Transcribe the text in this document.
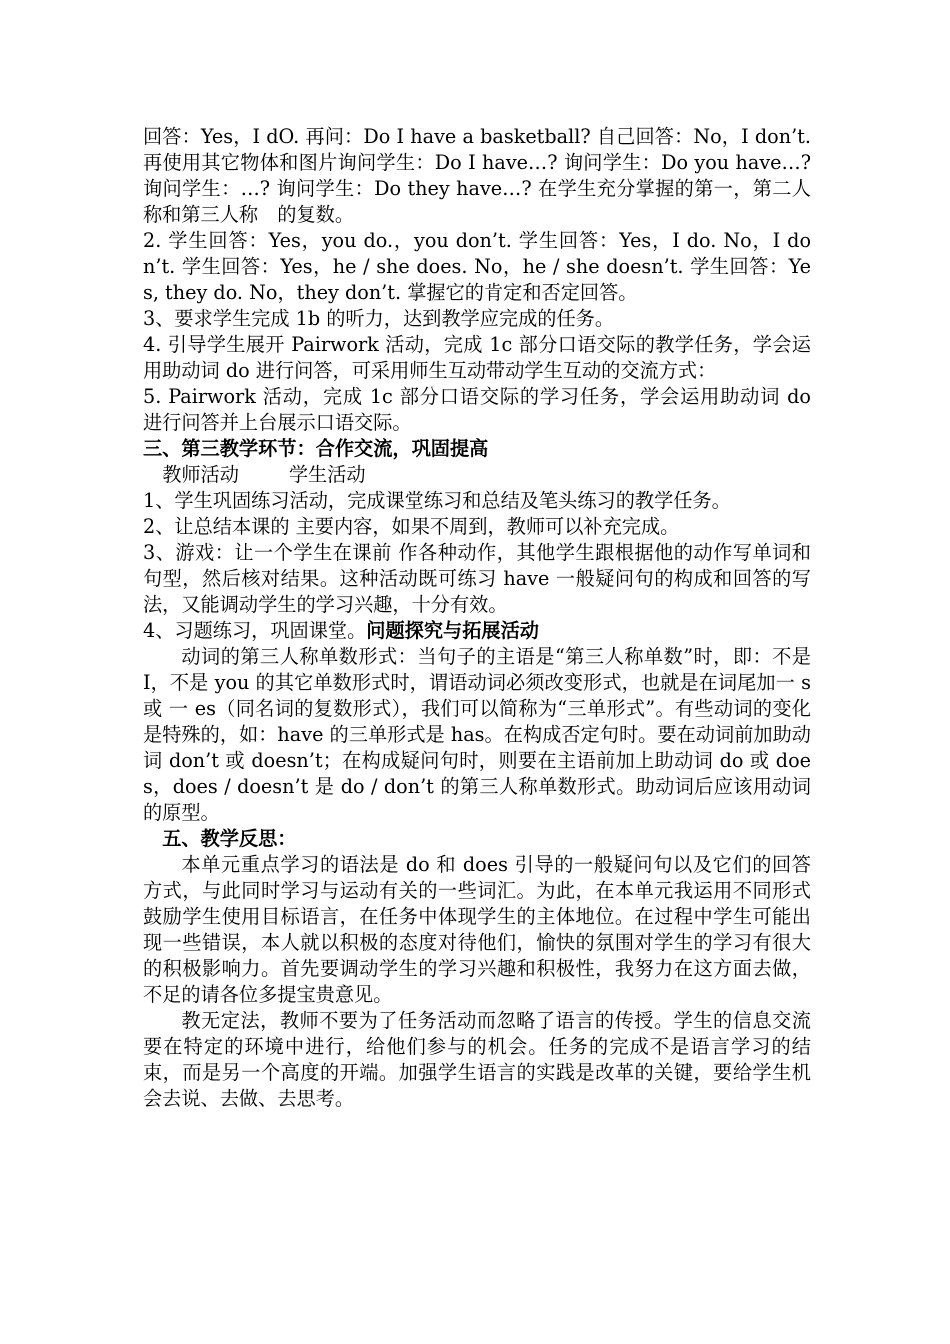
回答：Yes，I dO. 再问：Do I have a basketball? 自己回答：No，I don’t. 再使用其它物体和图片询问学生：Do I have…? 询问学生：Do you have…? 询问学生：…? 询问学生：Do they have…? 在学生充分掌握的第一，第二人称和第三人称　的复数。

2. 学生回答：Yes，you do.，you don’t. 学生回答：Yes，I do. No，I don’t. 学生回答：Yes，he / she does. No，he / she doesn’t. 学生回答：Yes, they do. No，they don’t. 掌握它的肯定和否定回答。

3、要求学生完成 1b 的听力，达到教学应完成的任务。

4. 引导学生展开 Pairwork 活动，完成 1c 部分口语交际的教学任务，学会运用助动词 do 进行问答，可采用师生互动带动学生互动的交流方式：

5. Pairwork 活动，完成 1c 部分口语交际的学习任务，学会运用助动词 do 进行问答并上台展示口语交际。

三、第三教学环节：合作交流，巩固提高

教师活动	学生活动

1、学生巩固练习活动，完成课堂练习和总结及笔头练习的教学任务。

2、让总结本课的 主要内容，如果不周到，教师可以补充完成。

3、游戏：让一个学生在课前 作各种动作，其他学生跟根据他的动作写单词和句型，然后核对结果。这种活动既可练习 have 一般疑问句的构成和回答的写法，又能调动学生的学习兴趣，十分有效。

4、习题练习，巩固课堂。问题探究与拓展活动

动词的第三人称单数形式：当句子的主语是“第三人称单数”时，即：不是 I，不是 you 的其它单数形式时，谓语动词必须改变形式，也就是在词尾加一 s 或 一 es（同名词的复数形式），我们可以简称为“三单形式”。有些动词的变化是特殊的，如：have 的三单形式是 has。在构成否定句时。要在动词前加助动词 don’t 或 doesn’t；在构成疑问句时，则要在主语前加上助动词 do 或 does，does / doesn’t 是 do / don’t 的第三人称单数形式。助动词后应该用动词的原型。

五、教学反思：

本单元重点学习的语法是 do 和 does 引导的一般疑问句以及它们的回答方式，与此同时学习与运动有关的一些词汇。为此，在本单元我运用不同形式鼓励学生使用目标语言，在任务中体现学生的主体地位。在过程中学生可能出现一些错误，本人就以积极的态度对待他们，愉快的氛围对学生的学习有很大的积极影响力。首先要调动学生的学习兴趣和积极性，我努力在这方面去做，不足的请各位多提宝贵意见。

教无定法，教师不要为了任务活动而忽略了语言的传授。学生的信息交流要在特定的环境中进行，给他们参与的机会。任务的完成不是语言学习的结束，而是另一个高度的开端。加强学生语言的实践是改革的关键，要给学生机会去说、去做、去思考。
